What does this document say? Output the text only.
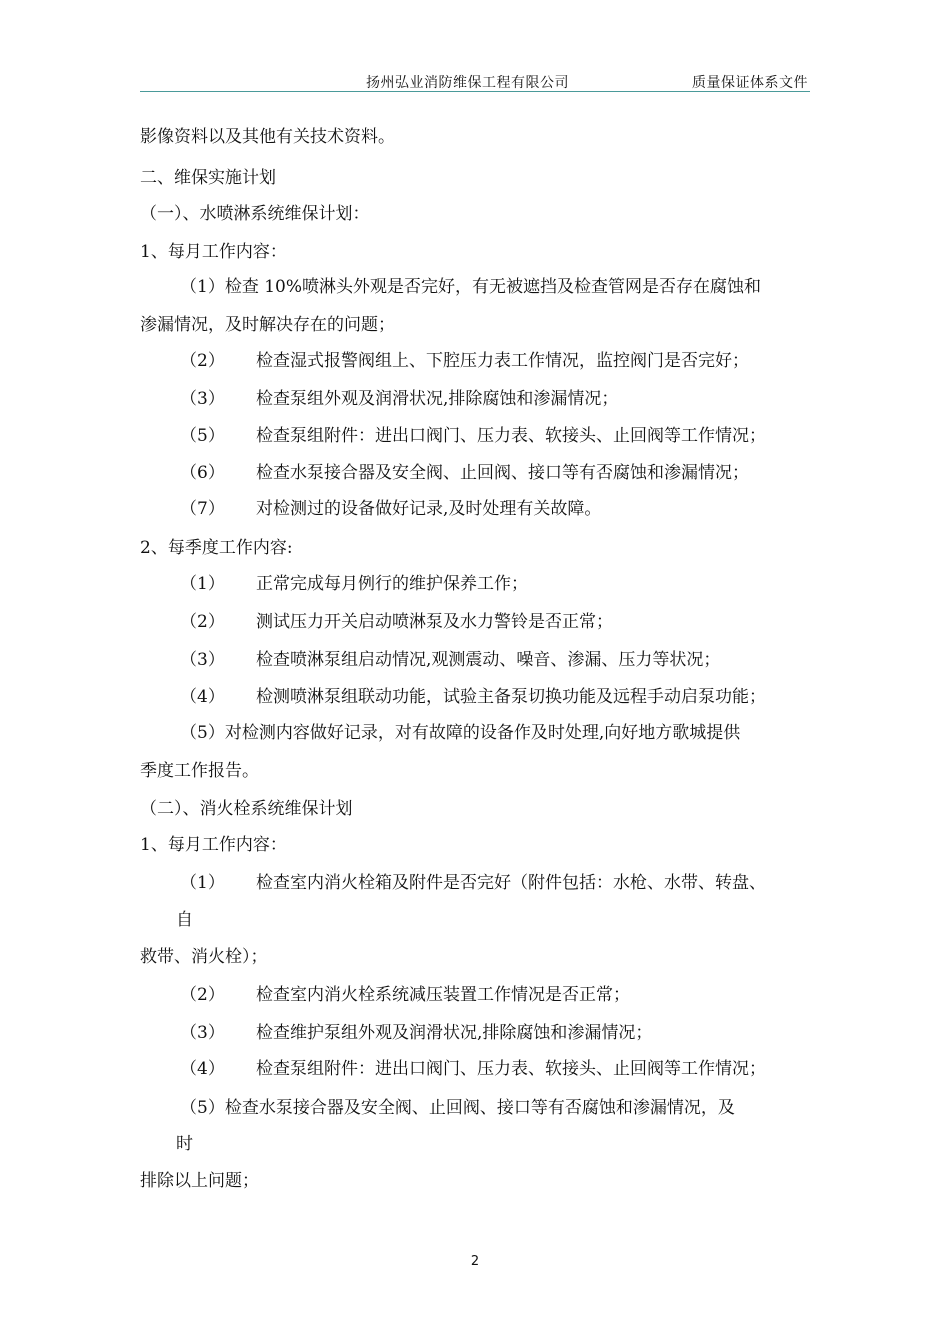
扬州弘业消防维保工程有限公司	质量保证体系文件
影像资料以及其他有关技术资料。
二、维保实施计划
（一）、水喷淋系统维保计划：
1、每月工作内容：
（1）检查 10%喷淋头外观是否完好，有无被遮挡及检查管网是否存在腐蚀和
渗漏情况，及时解决存在的问题；
（2） 检查湿式报警阀组上、下腔压力表工作情况，监控阀门是否完好；
（3） 检查泵组外观及润滑状况,排除腐蚀和渗漏情况；
（5） 检查泵组附件：进出口阀门、压力表、软接头、止回阀等工作情况；
（6） 检查水泵接合器及安全阀、止回阀、接口等有否腐蚀和渗漏情况；
（7） 对检测过的设备做好记录,及时处理有关故障。
2、每季度工作内容:
（1） 正常完成每月例行的维护保养工作；
（2） 测试压力开关启动喷淋泵及水力警铃是否正常；
（3） 检查喷淋泵组启动情况,观测震动、噪音、渗漏、压力等状况；
（4） 检测喷淋泵组联动功能，试验主备泵切换功能及远程手动启泵功能；
（5）对检测内容做好记录，对有故障的设备作及时处理,向好地方歌城提供
季度工作报告。
（二）、消火栓系统维保计划
1、每月工作内容：
（1） 检查室内消火栓箱及附件是否完好（附件包括：水枪、水带、转盘、
自
救带、消火栓）；
（2） 检查室内消火栓系统减压装置工作情况是否正常；
（3） 检查维护泵组外观及润滑状况,排除腐蚀和渗漏情况；
（4） 检查泵组附件：进出口阀门、压力表、软接头、止回阀等工作情况；
（5）检查水泵接合器及安全阀、止回阀、接口等有否腐蚀和渗漏情况，及
时
排除以上问题；
2
